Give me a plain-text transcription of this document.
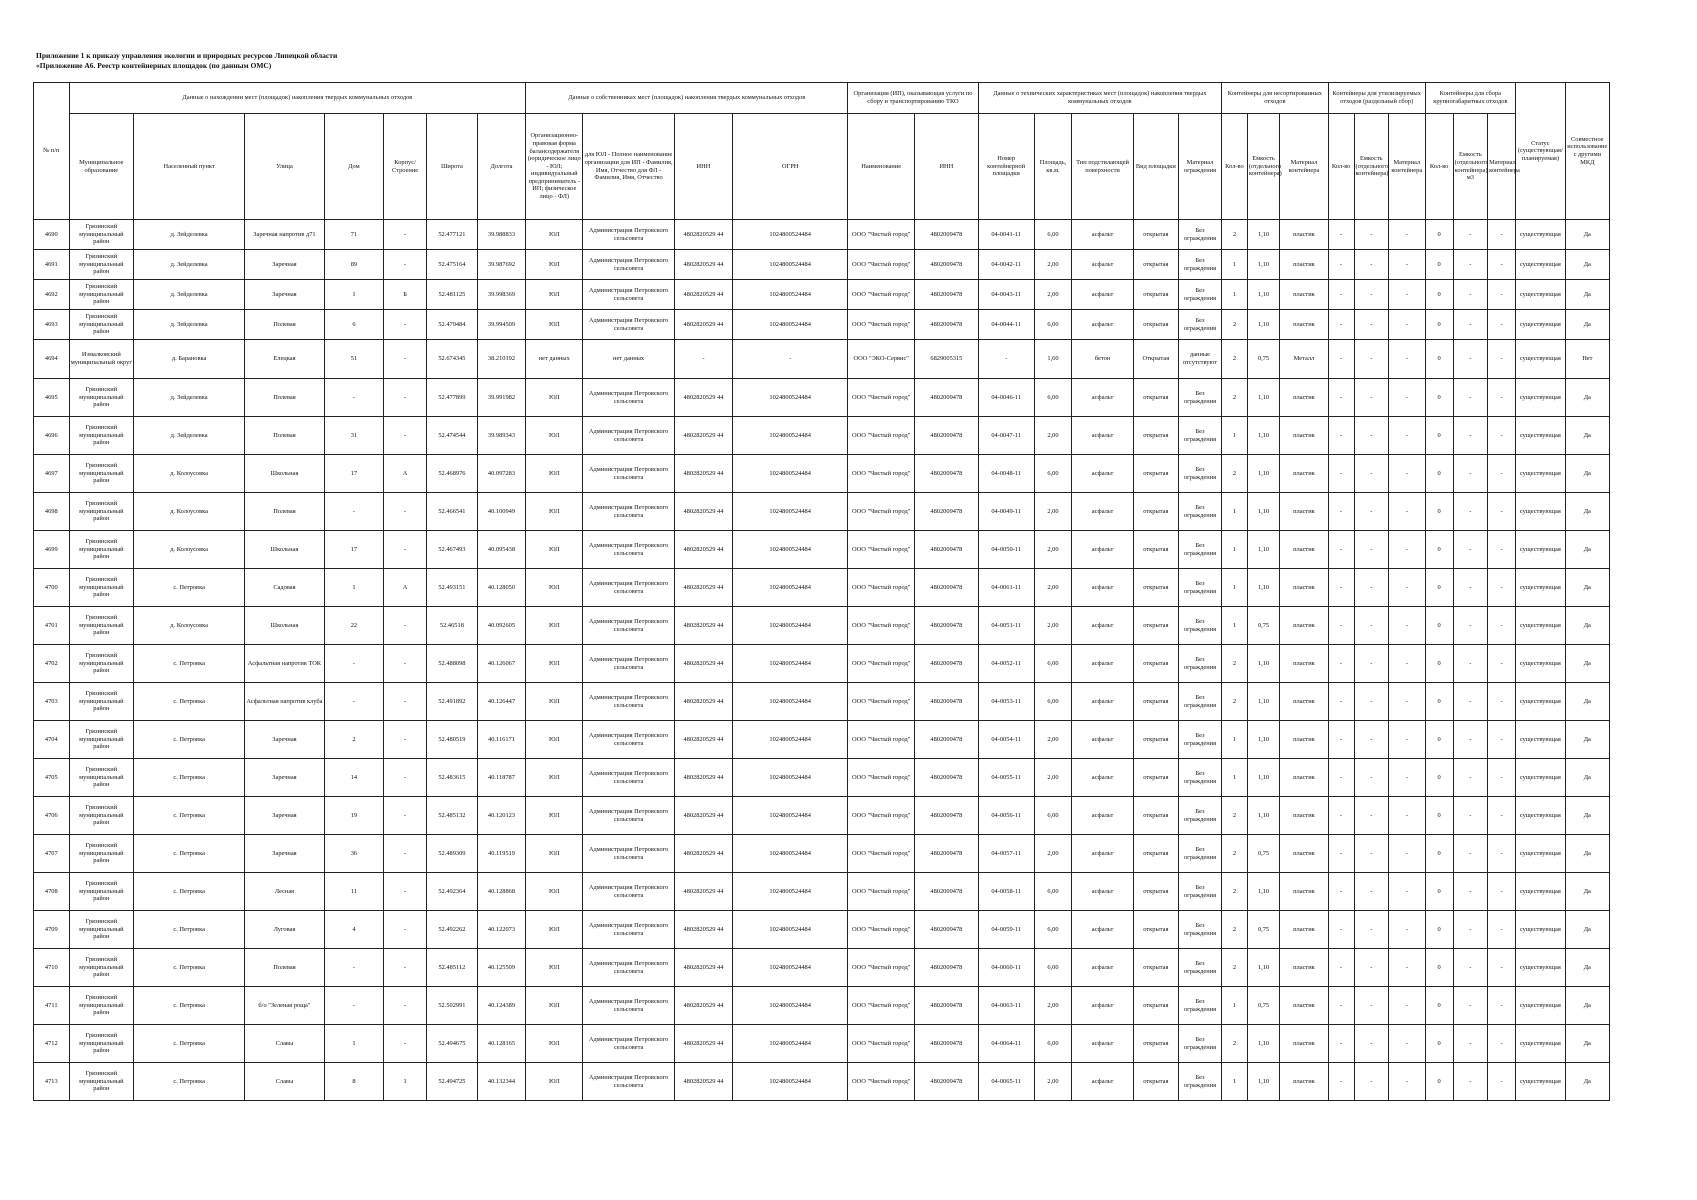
Приложение 1 к приказу управления экологии и природных ресурсов Липецкой области
«Приложение А6. Реестр контейнерных площадок (по данным ОМС)
№ п/п	Данные о нахождении мест (площадок) накопления твердых коммунальных отходов							Данные о собственниках мест (площадок) накопления твердых коммунальных отходов				Организация (ИП), оказывающая услуги по сбору и транспортированию ТКО		Данные о технических характеристиках мест (площадок) накопления твердых коммунальных отходов					Контейнеры для несортированных отходов			Контейнеры для утилизируемых отходов (раздельный сбор)			Контейнеры для сбора крупногабаритных отходов			Статус (существующая/ планируемая)	Совместное использование с другими МКД
	Муниципальное образование	Населенный пункт	Улица	Дом	Корпус/Строение	Широта	Долгота	Организационно-правовая форма балансодержателя (юридическое лицо - ЮЛ; индивидуальный предприниматель - ИП; физическое лицо - ФЛ)	для ЮЛ - Полное наименование организации для ИП - Фамилия, Имя, Отчество для ФЛ - Фамилия, Имя, Отчество	ИНН	ОГРН	Наименование	ИНН	Номер контейнерной площадки	Площадь, кв.м.	Тип подстилающей поверхности	Вид площадки	Материал ограждения	Кол-во	Емкость (отдельного контейнера)	Материал контейнера	Кол-во	Емкость (отдельного контейнера)	Материал контейнера	Кол-во	Емкость (отдельного контейнера) м3	Материал контейнера		
4690	Грязинский муниципальный район	д. Зейделевка	Заречная напротив д71	71	-	52.477121	39.988833	ЮЛ	Администрация Петровского сельсовета	4802820529 44	1024800524484	ООО "Чистый город"	4802009478	04-0041-11	6,00	асфальт	открытая	Без ограждения	2	1,10	пластик	-	-	-	0	-	-	существующая	Да
4691	Грязинский муниципальный район	д. Зейделевка	Заречная	89	-	52.475164	39.987692	ЮЛ	Администрация Петровского сельсовета	4802820529 44	1024800524484	ООО "Чистый город"	4802009478	04-0042-11	2,00	асфальт	открытая	Без ограждения	1	1,10	пластик	-	-	-	0	-	-	существующая	Да
4692	Грязинский муниципальный район	д. Зейделевка	Заречная	1	Б	52.481125	39.998369	ЮЛ	Администрация Петровского сельсовета	4802820529 44	1024800524484	ООО "Чистый город"	4802009478	04-0043-11	2,00	асфальт	открытая	Без ограждения	1	1,10	пластик	-	-	-	0	-	-	существующая	Да
4693	Грязинский муниципальный район	д. Зейделевка	Полевая	6	-	52.479484	39.994509	ЮЛ	Администрация Петровского сельсовета	4802820529 44	1024800524484	ООО "Чистый город"	4802009478	04-0044-11	6,00	асфальт	открытая	Без ограждения	2	1,10	пластик	-	-	-	0	-	-	существующая	Да
4694	Измалковский муниципальный округ	д. Барановка	Елецкая	51	-	52.674345	38.210192	нет данных	нет данных	-	-	ООО "ЭКО-Сервис"	6829005315	-	1,60	бетон	Открытая	данные отсутствуют	2	0,75	Металл	-	-	-	0	-	-	существующая	Нет
4695	Грязинский муниципальный район	д. Зейделевка	Полевая	-	-	52.477899	39.991982	ЮЛ	Администрация Петровского сельсовета	4802820529 44	1024800524484	ООО "Чистый город"	4802009478	04-0046-11	6,00	асфальт	открытая	Без ограждения	2	1,10	пластик	-	-	-	0	-	-	существующая	Да
4696	Грязинский муниципальный район	д. Зейделевка	Полевая	31	-	52.474544	39.989343	ЮЛ	Администрация Петровского сельсовета	4802820529 44	1024800524484	ООО "Чистый город"	4802009478	04-0047-11	2,00	асфальт	открытая	Без ограждения	1	1,10	пластик	-	-	-	0	-	-	существующая	Да
4697	Грязинский муниципальный район	д. Колоусовка	Школьная	17	А	52.468976	40.097283	ЮЛ	Администрация Петровского сельсовета	4802820529 44	1024800524484	ООО "Чистый город"	4802009478	04-0048-11	6,00	асфальт	открытая	Без ограждения	2	1,10	пластик	-	-	-	0	-	-	существующая	Да
4698	Грязинский муниципальный район	д. Колоусовка	Полевая	-	-	52.466541	40.100949	ЮЛ	Администрация Петровского сельсовета	4802820529 44	1024800524484	ООО "Чистый город"	4802009478	04-0049-11	2,00	асфальт	открытая	Без ограждения	1	1,10	пластик	-	-	-	0	-	-	существующая	Да
4699	Грязинский муниципальный район	д. Колоусовка	Школьная	17	-	52.467493	40.095438	ЮЛ	Администрация Петровского сельсовета	4802820529 44	1024800524484	ООО "Чистый город"	4802009478	04-0050-11	2,00	асфальт	открытая	Без ограждения	1	1,10	пластик	-	-	-	0	-	-	существующая	Да
4700	Грязинский муниципальный район	с. Петровка	Садовая	1	А	52.493151	40.128050	ЮЛ	Администрация Петровского сельсовета	4802820529 44	1024800524484	ООО "Чистый город"	4802009478	04-0061-11	2,00	асфальт	открытая	Без ограждения	1	1,10	пластик	-	-	-	0	-	-	существующая	Да
4701	Грязинский муниципальный район	д. Колоусовка	Школьная	22	-	52.46518	40.092605	ЮЛ	Администрация Петровского сельсовета	4802820529 44	1024800524484	ООО "Чистый город"	4802009478	04-0051-11	2,00	асфальт	открытая	Без ограждения	1	0,75	пластик	-	-	-	0	-	-	существующая	Да
4702	Грязинский муниципальный район	с. Петровка	Асфальтная напротив ТОК	-	-	52.488098	40.126067	ЮЛ	Администрация Петровского сельсовета	4802820529 44	1024800524484	ООО "Чистый город"	4802009478	04-0052-11	6,00	асфальт	открытая	Без ограждения	2	1,10	пластик	-	-	-	0	-	-	существующая	Да
4703	Грязинский муниципальный район	с. Петровка	Асфальтная напротив клуба	-	-	52.491892	40.126447	ЮЛ	Администрация Петровского сельсовета	4802820529 44	1024800524484	ООО "Чистый город"	4802009478	04-0053-11	6,00	асфальт	открытая	Без ограждения	2	1,10	пластик	-	-	-	0	-	-	существующая	Да
4704	Грязинский муниципальный район	с. Петровка	Заречная	2	-	52.480519	40.116171	ЮЛ	Администрация Петровского сельсовета	4802820529 44	1024800524484	ООО "Чистый город"	4802009478	04-0054-11	2,00	асфальт	открытая	Без ограждения	1	1,10	пластик	-	-	-	0	-	-	существующая	Да
4705	Грязинский муниципальный район	с. Петровка	Заречная	14	-	52.483615	40.118787	ЮЛ	Администрация Петровского сельсовета	4802820529 44	1024800524484	ООО "Чистый город"	4802009478	04-0055-11	2,00	асфальт	открытая	Без ограждения	1	1,10	пластик	-	-	-	0	-	-	существующая	Да
4706	Грязинский муниципальный район	с. Петровка	Заречная	19	-	52.485132	40.120123	ЮЛ	Администрация Петровского сельсовета	4802820529 44	1024800524484	ООО "Чистый город"	4802009478	04-0056-11	6,00	асфальт	открытая	Без ограждения	2	1,10	пластик	-	-	-	0	-	-	существующая	Да
4707	Грязинский муниципальный район	с. Петровка	Заречная	36	-	52.489309	40.119519	ЮЛ	Администрация Петровского сельсовета	4802820529 44	1024800524484	ООО "Чистый город"	4802009478	04-0057-11	2,00	асфальт	открытая	Без ограждения	2	0,75	пластик	-	-	-	0	-	-	существующая	Да
4708	Грязинский муниципальный район	с. Петровка	Лесная	11	-	52.492364	40.128868	ЮЛ	Администрация Петровского сельсовета	4802820529 44	1024800524484	ООО "Чистый город"	4802009478	04-0058-11	6,00	асфальт	открытая	Без ограждения	2	1,10	пластик	-	-	-	0	-	-	существующая	Да
4709	Грязинский муниципальный район	с. Петровка	Луговая	4	-	52.492262	40.122073	ЮЛ	Администрация Петровского сельсовета	4802820529 44	1024800524484	ООО "Чистый город"	4802009478	04-0059-11	6,00	асфальт	открытая	Без ограждения	2	0,75	пластик	-	-	-	0	-	-	существующая	Да
4710	Грязинский муниципальный район	с. Петровка	Полевая	-	-	52.485112	40.125509	ЮЛ	Администрация Петровского сельсовета	4802820529 44	1024800524484	ООО "Чистый город"	4802009478	04-0060-11	6,00	асфальт	открытая	Без ограждения	2	1,10	пластик	-	-	-	0	-	-	существующая	Да
4711	Грязинский муниципальный район	с. Петровка	б/о "Зеленая роща"	-	-	52.502991	40.124389	ЮЛ	Администрация Петровского сельсовета	4802820529 44	1024800524484	ООО "Чистый город"	4802009478	04-0063-11	2,00	асфальт	открытая	Без ограждения	1	0,75	пластик	-	-	-	0	-	-	существующая	Да
4712	Грязинский муниципальный район	с. Петровка	Славы	1	-	52.494675	40.128165	ЮЛ	Администрация Петровского сельсовета	4802820529 44	1024800524484	ООО "Чистый город"	4802009478	04-0064-11	6,00	асфальт	открытая	Без ограждения	2	1,10	пластик	-	-	-	0	-	-	существующая	Да
4713	Грязинский муниципальный район	с. Петровка	Славы	8	1	52.494725	40.132344	ЮЛ	Администрация Петровского сельсовета	4802820529 44	1024800524484	ООО "Чистый город"	4802009478	04-0065-11	2,00	асфальт	открытая	Без ограждения	1	1,10	пластик	-	-	-	0	-	-	существующая	Да
